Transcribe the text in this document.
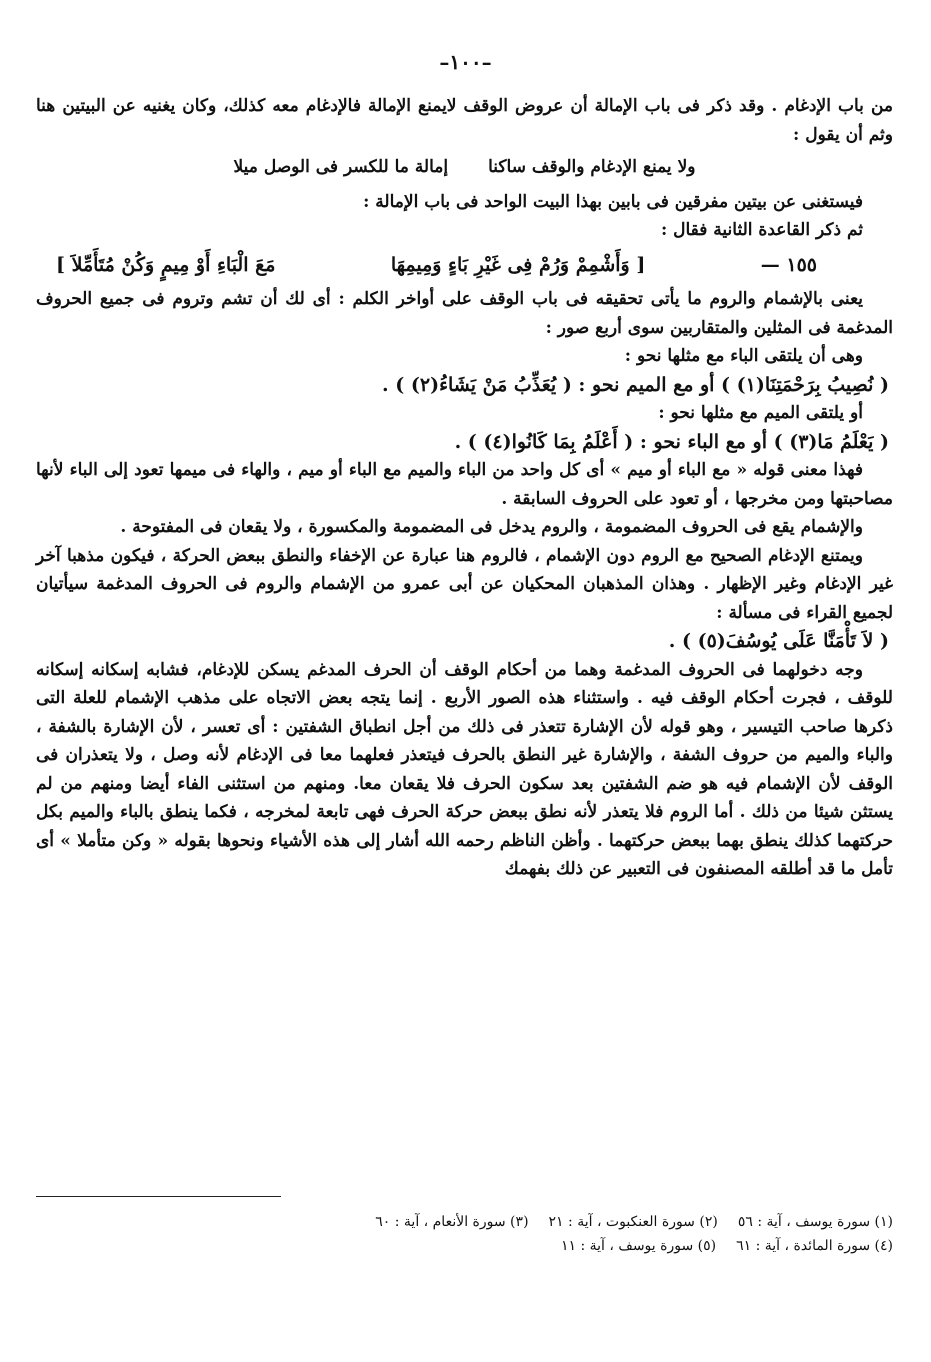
–١٠٠–

من باب الإدغام . وقد ذكر فى باب الإمالة أن عروض الوقف لايمنع الإمالة فالإدغام معه كذلك، وكان يغنيه عن البيتين هنا وثم أن يقول :

ولا يمنع الإدغام والوقف ساكنا
إمالة ما للكسر فى الوصل ميلا

فيستغنى عن بيتين مفرقين فى بابين بهذا البيت الواحد فى باب الإمالة :

ثم ذكر القاعدة الثانية فقال :

١٥٥ —
[ وَأَشْمِمْ وَرُمْ فِى غَيْرِ بَاءٍ وَمِيمِهَا
مَعَ الْبَاءِ أَوْ مِيمٍ وَكُنْ مُتَأَمِّلاَ ]

يعنى بالإشمام والروم ما يأتى تحقيقه فى باب الوقف على أواخر الكلم : أى لك أن تشم وتروم فى جميع الحروف المدغمة فى المثلين والمتقاربين سوى أربع صور :

وهى أن يلتقى الباء مع مثلها نحو :

( نُصِيبُ بِرَحْمَتِنَا(١) ) أو مع الميم نحو : ( يُعَذِّبُ مَنْ يَشَاءُ(٢) ) .

أو يلتقى الميم مع مثلها نحو :

( يَعْلَمُ مَا(٣) ) أو مع الباء نحو : ( أَعْلَمُ بِمَا كَانُوا(٤) ) .

فهذا معنى قوله « مع الباء أو ميم » أى كل واحد من الباء والميم مع الباء أو ميم ، والهاء فى ميمها تعود إلى الباء لأنها مصاحبتها ومن مخرجها ، أو تعود على الحروف السابقة .

والإشمام يقع فى الحروف المضمومة ، والروم يدخل فى المضمومة والمكسورة ، ولا يقعان فى المفتوحة .

ويمتنع الإدغام الصحيح مع الروم دون الإشمام ، فالروم هنا عبارة عن الإخفاء والنطق ببعض الحركة ، فيكون مذهبا آخر غير الإدغام وغير الإظهار . وهذان المذهبان المحكيان عن أبى عمرو من الإشمام والروم فى الحروف المدغمة سيأتيان لجميع القراء فى مسألة :

( لاَ تَأْمَنَّا عَلَى يُوسُفَ(٥) ) .

وجه دخولهما فى الحروف المدغمة وهما من أحكام الوقف أن الحرف المدغم يسكن للإدغام، فشابه إسكانه إسكانه للوقف ، فجرت أحكام الوقف فيه . واستثناء هذه الصور الأربع . إنما يتجه بعض الاتجاه على مذهب الإشمام للعلة التى ذكرها صاحب التيسير ، وهو قوله لأن الإشارة تتعذر فى ذلك من أجل انطباق الشفتين : أى تعسر ، لأن الإشارة بالشفة ، والباء والميم من حروف الشفة ، والإشارة غير النطق بالحرف فيتعذر فعلهما معا فى الإدغام لأنه وصل ، ولا يتعذران فى الوقف لأن الإشمام فيه هو ضم الشفتين بعد سكون الحرف فلا يقعان معا. ومنهم من استثنى الفاء أيضا ومنهم من لم يستثن شيئا من ذلك . أما الروم فلا يتعذر لأنه نطق ببعض حركة الحرف فهى تابعة لمخرجه ، فكما ينطق بالباء والميم بكل حركتهما كذلك ينطق بهما ببعض حركتهما . وأظن الناظم رحمه الله أشار إلى هذه الأشياء ونحوها بقوله « وكن متأملا » أى تأمل ما قد أطلقه المصنفون فى التعبير عن ذلك بفهمك

(١) سورة يوسف ، آية : ٥٦
(٢) سورة العنكبوت ، آية : ٢١
(٣) سورة الأنعام ، آية : ٦٠
(٤) سورة المائدة ، آية : ٦١
(٥) سورة يوسف ، آية : ١١
